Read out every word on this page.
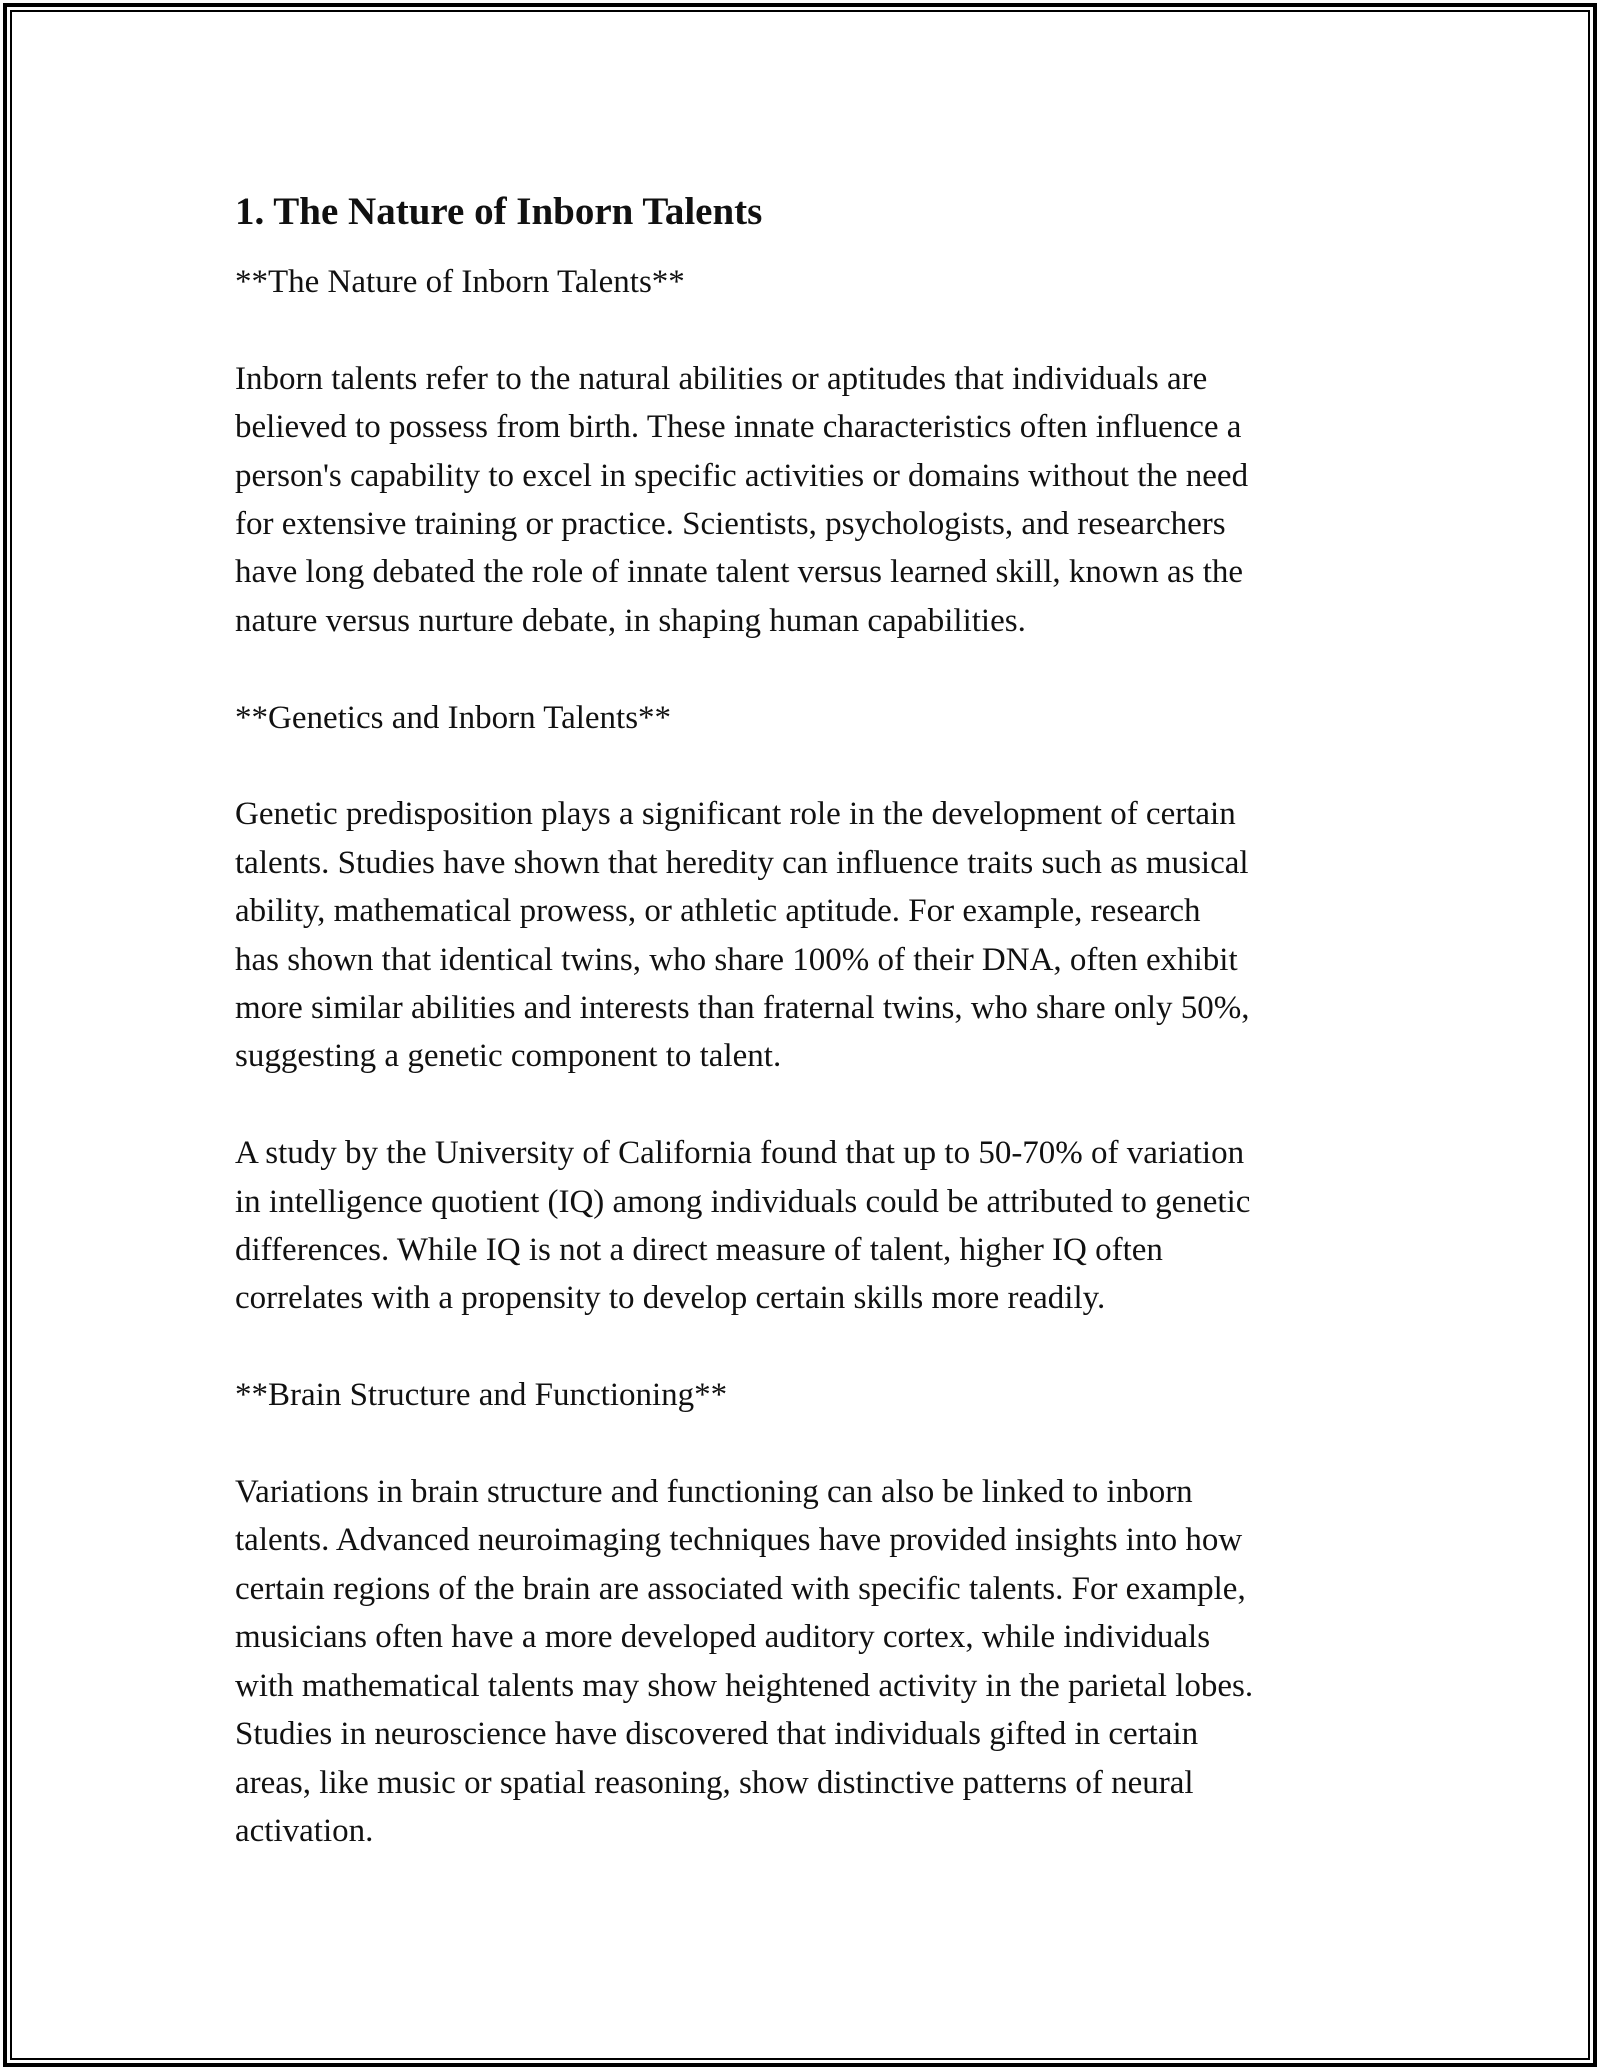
1. The Nature of Inborn Talents

**The Nature of Inborn Talents**

Inborn talents refer to the natural abilities or aptitudes that individuals are
believed to possess from birth. These innate characteristics often influence a
person's capability to excel in specific activities or domains without the need
for extensive training or practice. Scientists, psychologists, and researchers
have long debated the role of innate talent versus learned skill, known as the
nature versus nurture debate, in shaping human capabilities.

**Genetics and Inborn Talents**

Genetic predisposition plays a significant role in the development of certain
talents. Studies have shown that heredity can influence traits such as musical
ability, mathematical prowess, or athletic aptitude. For example, research
has shown that identical twins, who share 100% of their DNA, often exhibit
more similar abilities and interests than fraternal twins, who share only 50%,
suggesting a genetic component to talent.

A study by the University of California found that up to 50-70% of variation
in intelligence quotient (IQ) among individuals could be attributed to genetic
differences. While IQ is not a direct measure of talent, higher IQ often
correlates with a propensity to develop certain skills more readily.

**Brain Structure and Functioning**

Variations in brain structure and functioning can also be linked to inborn
talents. Advanced neuroimaging techniques have provided insights into how
certain regions of the brain are associated with specific talents. For example,
musicians often have a more developed auditory cortex, while individuals
with mathematical talents may show heightened activity in the parietal lobes.
Studies in neuroscience have discovered that individuals gifted in certain
areas, like music or spatial reasoning, show distinctive patterns of neural
activation.
